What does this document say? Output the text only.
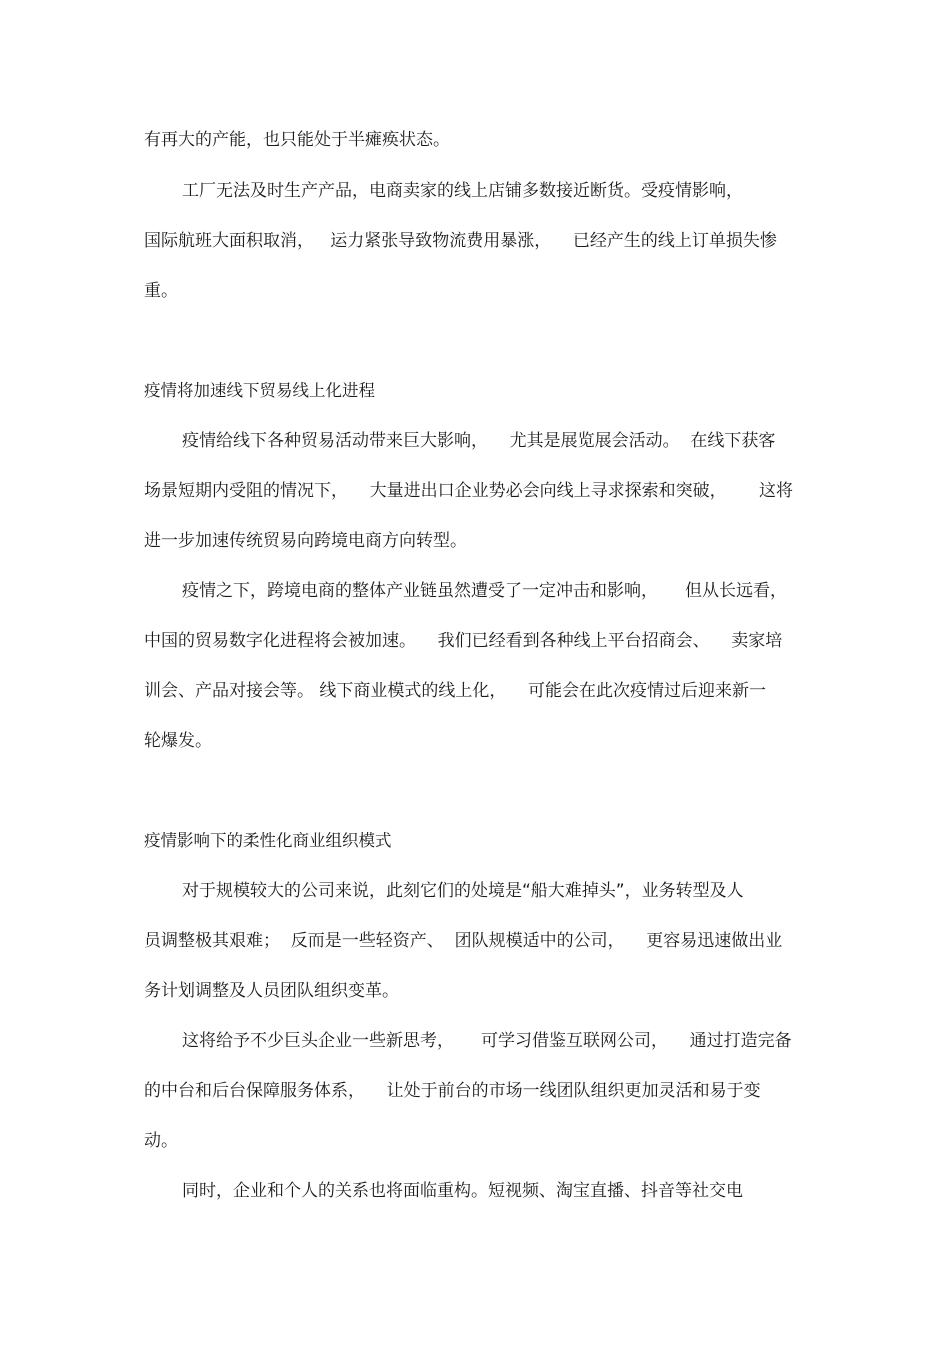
有再大的产能，也只能处于半瘫痪状态。

工厂无法及时生产产品，电商卖家的线上店铺多数接近断货。受疫情影响，

国际航班大面积取消，   运力紧张导致物流费用暴涨，    已经产生的线上订单损失惨

重。

疫情将加速线下贸易线上化进程

疫情给线下各种贸易活动带来巨大影响，    尤其是展览展会活动。  在线下获客

场景短期内受阻的情况下，    大量进出口企业势必会向线上寻求探索和突破，      这将

进一步加速传统贸易向跨境电商方向转型。

疫情之下，跨境电商的整体产业链虽然遭受了一定冲击和影响，     但从长远看，

中国的贸易数字化进程将会被加速。    我们已经看到各种线上平台招商会、    卖家培

训会、产品对接会等。 线下商业模式的线上化，    可能会在此次疫情过后迎来新一

轮爆发。

疫情影响下的柔性化商业组织模式

对于规模较大的公司来说，此刻它们的处境是“船大难掉头”，业务转型及人

员调整极其艰难；  反而是一些轻资产、  团队规模适中的公司，    更容易迅速做出业

务计划调整及人员团队组织变革。

这将给予不少巨头企业一些新思考，     可学习借鉴互联网公司，    通过打造完备

的中台和后台保障服务体系，    让处于前台的市场一线团队组织更加灵活和易于变

动。

同时，企业和个人的关系也将面临重构。短视频、淘宝直播、抖音等社交电
